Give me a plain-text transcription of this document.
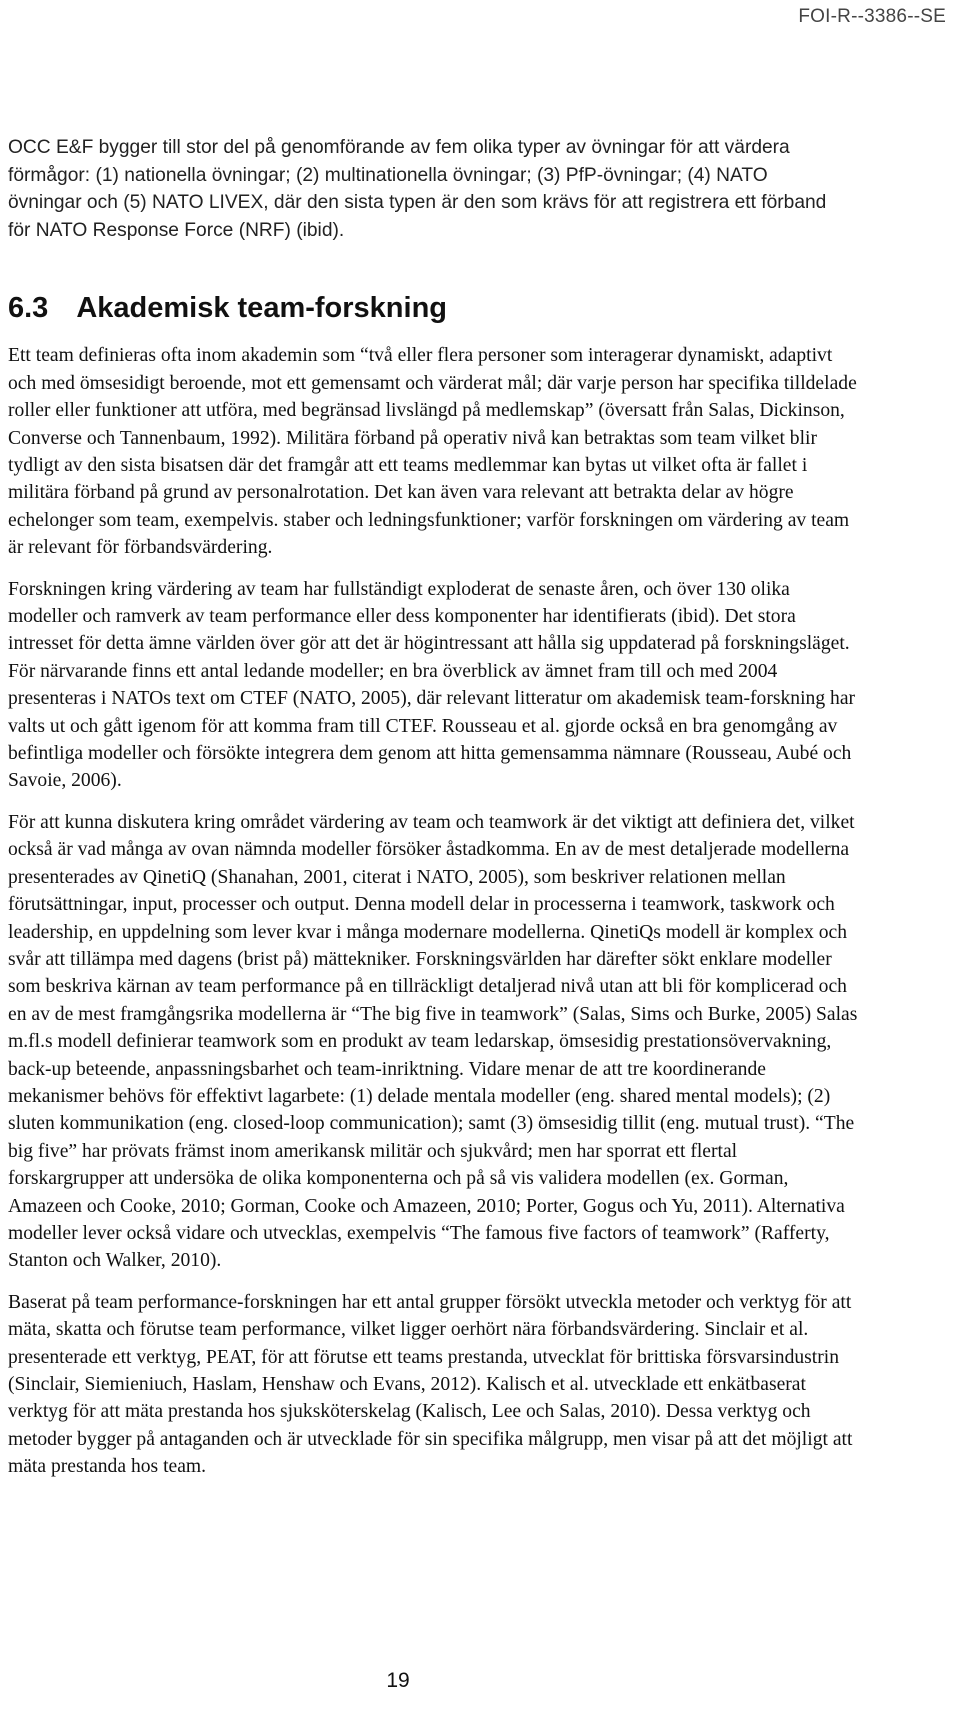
FOI-R--3386--SE

OCC E&F bygger till stor del på genomförande av fem olika typer av övningar för att värdera förmågor: (1) nationella övningar; (2) multinationella övningar; (3) PfP-övningar; (4) NATO övningar och (5) NATO LIVEX, där den sista typen är den som krävs för att registrera ett förband för NATO Response Force (NRF) (ibid).

6.3 Akademisk team-forskning

Ett team definieras ofta inom akademin som “två eller flera personer som interagerar dynamiskt, adaptivt och med ömsesidigt beroende, mot ett gemensamt och värderat mål; där varje person har specifika tilldelade roller eller funktioner att utföra, med begränsad livslängd på medlemskap” (översatt från Salas, Dickinson, Converse och Tannenbaum, 1992). Militära förband på operativ nivå kan betraktas som team vilket blir tydligt av den sista bisatsen där det framgår att ett teams medlemmar kan bytas ut vilket ofta är fallet i militära förband på grund av personalrotation. Det kan även vara relevant att betrakta delar av högre echelonger som team, exempelvis. staber och ledningsfunktioner; varför forskningen om värdering av team är relevant för förbandsvärdering.

Forskningen kring värdering av team har fullständigt exploderat de senaste åren, och över 130 olika modeller och ramverk av team performance eller dess komponenter har identifierats (ibid). Det stora intresset för detta ämne världen över gör att det är högintressant att hålla sig uppdaterad på forskningsläget. För närvarande finns ett antal ledande modeller; en bra överblick av ämnet fram till och med 2004 presenteras i NATOs text om CTEF (NATO, 2005), där relevant litteratur om akademisk team-forskning har valts ut och gått igenom för att komma fram till CTEF. Rousseau et al. gjorde också en bra genomgång av befintliga modeller och försökte integrera dem genom att hitta gemensamma nämnare (Rousseau, Aubé och Savoie, 2006).

För att kunna diskutera kring området värdering av team och teamwork är det viktigt att definiera det, vilket också är vad många av ovan nämnda modeller försöker åstadkomma. En av de mest detaljerade modellerna presenterades av QinetiQ (Shanahan, 2001, citerat i NATO, 2005), som beskriver relationen mellan förutsättningar, input, processer och output. Denna modell delar in processerna i teamwork, taskwork och leadership, en uppdelning som lever kvar i många modernare modellerna. QinetiQs modell är komplex och svår att tillämpa med dagens (brist på) mättekniker. Forskningsvärlden har därefter sökt enklare modeller som beskriva kärnan av team performance på en tillräckligt detaljerad nivå utan att bli för komplicerad och en av de mest framgångsrika modellerna är “The big five in teamwork” (Salas, Sims och Burke, 2005) Salas m.fl.s modell definierar teamwork som en produkt av team ledarskap, ömsesidig prestationsövervakning, back-up beteende, anpassningsbarhet och team-inriktning. Vidare menar de att tre koordinerande mekanismer behövs för effektivt lagarbete: (1) delade mentala modeller (eng. shared mental models); (2) sluten kommunikation (eng. closed-loop communication); samt (3) ömsesidig tillit (eng. mutual trust). “The big five” har prövats främst inom amerikansk militär och sjukvård; men har sporrat ett flertal forskargrupper att undersöka de olika komponenterna och på så vis validera modellen (ex. Gorman, Amazeen och Cooke, 2010; Gorman, Cooke och Amazeen, 2010; Porter, Gogus och Yu, 2011). Alternativa modeller lever också vidare och utvecklas, exempelvis “The famous five factors of teamwork” (Rafferty, Stanton och Walker, 2010).

Baserat på team performance-forskningen har ett antal grupper försökt utveckla metoder och verktyg för att mäta, skatta och förutse team performance, vilket ligger oerhört nära förbandsvärdering. Sinclair et al. presenterade ett verktyg, PEAT, för att förutse ett teams prestanda, utvecklat för brittiska försvarsindustrin (Sinclair, Siemieniuch, Haslam, Henshaw och Evans, 2012). Kalisch et al. utvecklade ett enkätbaserat verktyg för att mäta prestanda hos sjuksköterskelag (Kalisch, Lee och Salas, 2010). Dessa verktyg och metoder bygger på antaganden och är utvecklade för sin specifika målgrupp, men visar på att det möjligt att mäta prestanda hos team.

19
